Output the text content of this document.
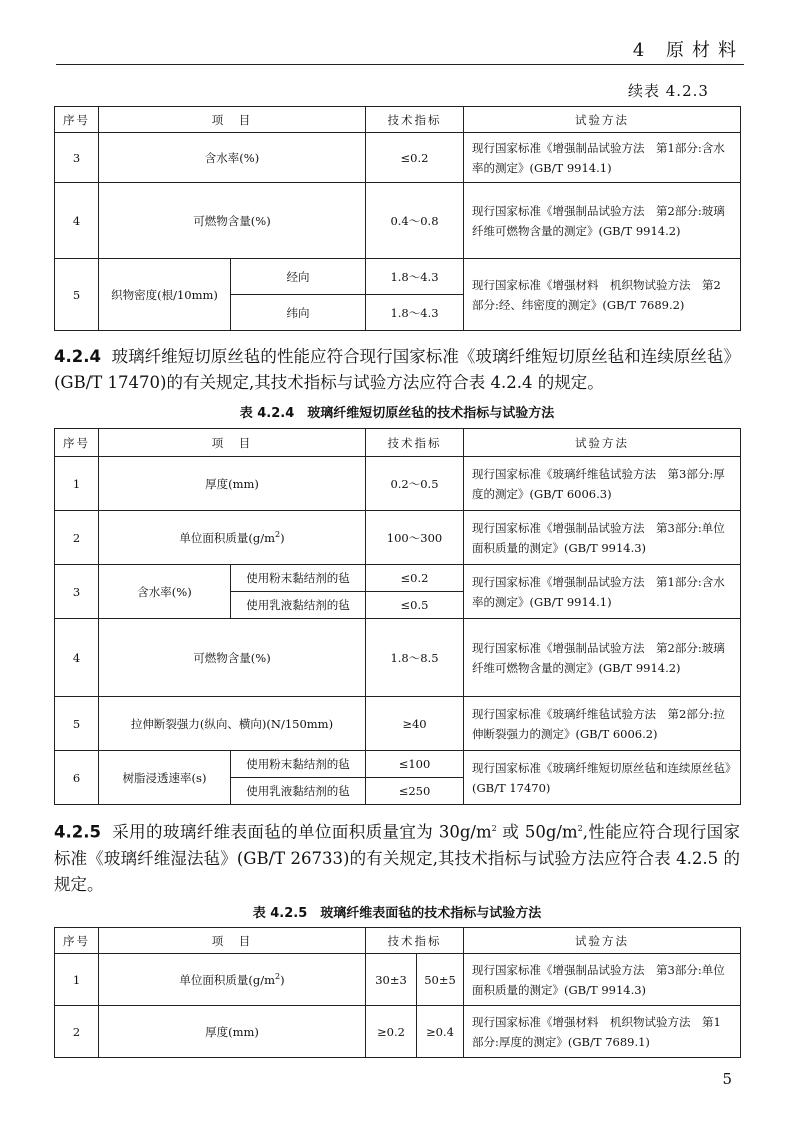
4 原材料
续表 4.2.3
序号	项　目		技术指标	试验方法
3	含水率(%)		≤0.2	现行国家标准《增强制品试验方法　第1部分:含水率的测定》(GB/T 9914.1)
4	可燃物含量(%)		0.4～0.8	现行国家标准《增强制品试验方法　第2部分:玻璃纤维可燃物含量的测定》(GB/T 9914.2)
5	织物密度(根/10mm)	经向	1.8～4.3	现行国家标准《增强材料　机织物试验方法　第2部分:经、纬密度的测定》(GB/T 7689.2)
		纬向	1.8～4.3	

4.2.4 玻璃纤维短切原丝毡的性能应符合现行国家标准《玻璃纤维短切原丝毡和连续原丝毡》(GB/T 17470)的有关规定,其技术指标与试验方法应符合表 4.2.4 的规定。

表 4.2.4　玻璃纤维短切原丝毡的技术指标与试验方法
序号	项　目		技术指标	试验方法
1	厚度(mm)		0.2～0.5	现行国家标准《玻璃纤维毡试验方法　第3部分:厚度的测定》(GB/T 6006.3)
2	单位面积质量$(g/m^2)$		100～300	现行国家标准《增强制品试验方法　第3部分:单位面积质量的测定》(GB/T 9914.3)
3	含水率(%)	使用粉末黏结剂的毡	≤0.2	现行国家标准《增强制品试验方法　第1部分:含水率的测定》(GB/T 9914.1)
		使用乳液黏结剂的毡	≤0.5	
4	可燃物含量(%)		1.8～8.5	现行国家标准《增强制品试验方法　第2部分:玻璃纤维可燃物含量的测定》(GB/T 9914.2)
5	拉伸断裂强力(纵向、横向)(N/150mm)		≥40	现行国家标准《玻璃纤维毡试验方法　第2部分:拉伸断裂强力的测定》(GB/T 6006.2)
6	树脂浸透速率(s)	使用粉末黏结剂的毡	≤100	现行国家标准《玻璃纤维短切原丝毡和连续原丝毡》(GB/T 17470)
		使用乳液黏结剂的毡	≤250	

4.2.5 采用的玻璃纤维表面毡的单位面积质量宜为 $30g/m^2$ 或 $50g/m^2$,性能应符合现行国家标准《玻璃纤维湿法毡》(GB/T 26733)的有关规定,其技术指标与试验方法应符合表 4.2.5 的规定。

表 4.2.5　玻璃纤维表面毡的技术指标与试验方法
序号	项　目	技术指标		试验方法
1	单位面积质量$(g/m^2)$	30±3	50±5	现行国家标准《增强制品试验方法　第3部分:单位面积质量的测定》(GB/T 9914.3)
2	厚度(mm)	≥0.2	≥0.4	现行国家标准《增强材料　机织物试验方法　第1部分:厚度的测定》(GB/T 7689.1)
5
